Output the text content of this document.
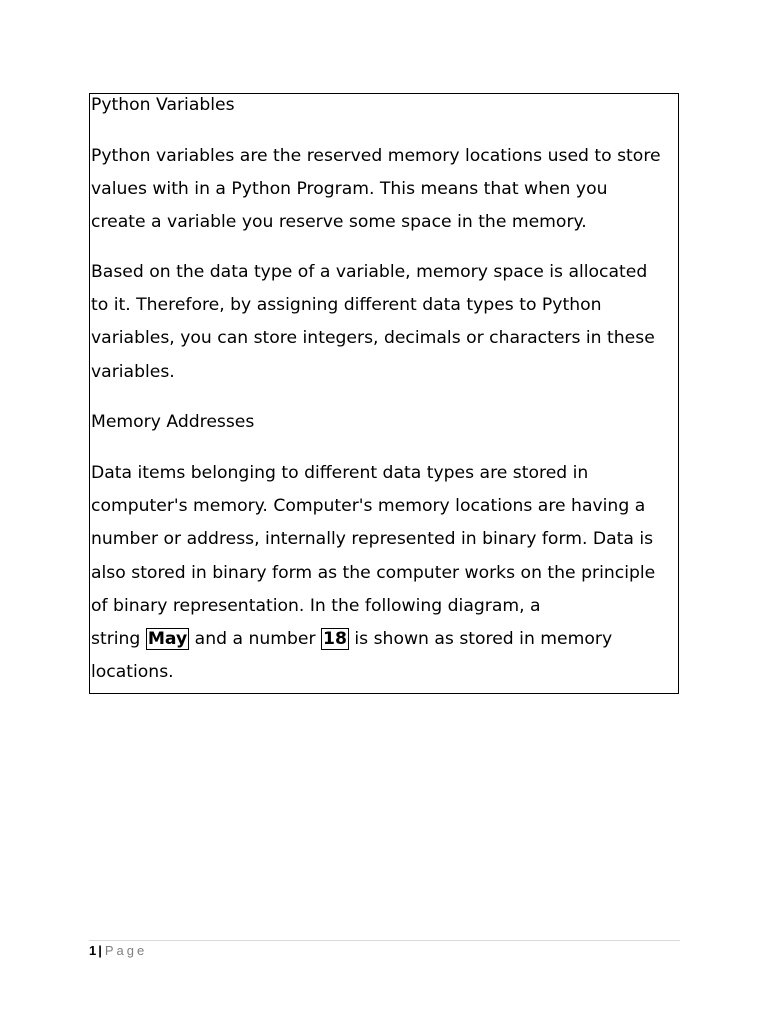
Python Variables

Python variables are the reserved memory locations used to store
values with in a Python Program. This means that when you
create a variable you reserve some space in the memory.
Based on the data type of a variable, memory space is allocated
to it. Therefore, by assigning different data types to Python
variables, you can store integers, decimals or characters in these
variables.

Memory Addresses

Data items belonging to different data types are stored in
computer's memory. Computer's memory locations are having a
number or address, internally represented in binary form. Data is
also stored in binary form as the computer works on the principle
of binary representation. In the following diagram, a
string May and a number 18 is shown as stored in memory
locations.
1 | Page
